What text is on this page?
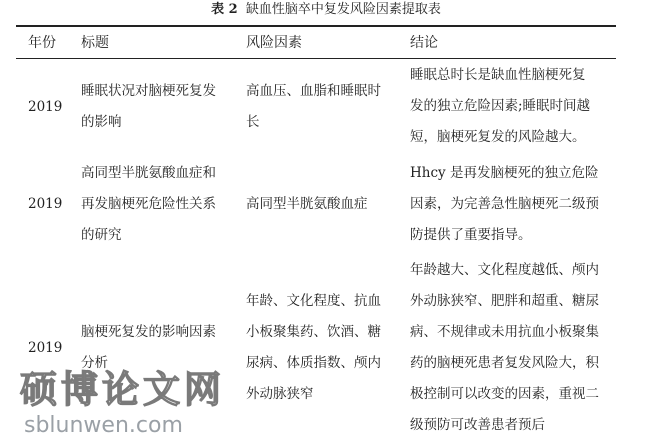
表 2 缺血性脑卒中复发风险因素提取表
年份 标题	风险因素	结论
2019
睡眠状况对脑梗死复发
的影响
高血压、血脂和睡眠时
长
睡眠总时长是缺血性脑梗死复
发的独立危险因素;睡眠时间越
短，脑梗死复发的风险越大。
2019
高同型半胱氨酸血症和
再发脑梗死危险性关系
的研究
高同型半胱氨酸血症
Hhcy 是再发脑梗死的独立危险
因素，为完善急性脑梗死二级预
防提供了重要指导。
2019
脑梗死复发的影响因素
分析
年龄、文化程度、抗血
小板聚集药、饮酒、糖
尿病、体质指数、颅内
外动脉狭窄
年龄越大、文化程度越低、颅内
外动脉狭窄、肥胖和超重、糖尿
病、不规律或未用抗血小板聚集
药的脑梗死患者复发风险大，积
极控制可以改变的因素，重视二
级预防可改善患者预后
硕博论文网
sblunwen.com
